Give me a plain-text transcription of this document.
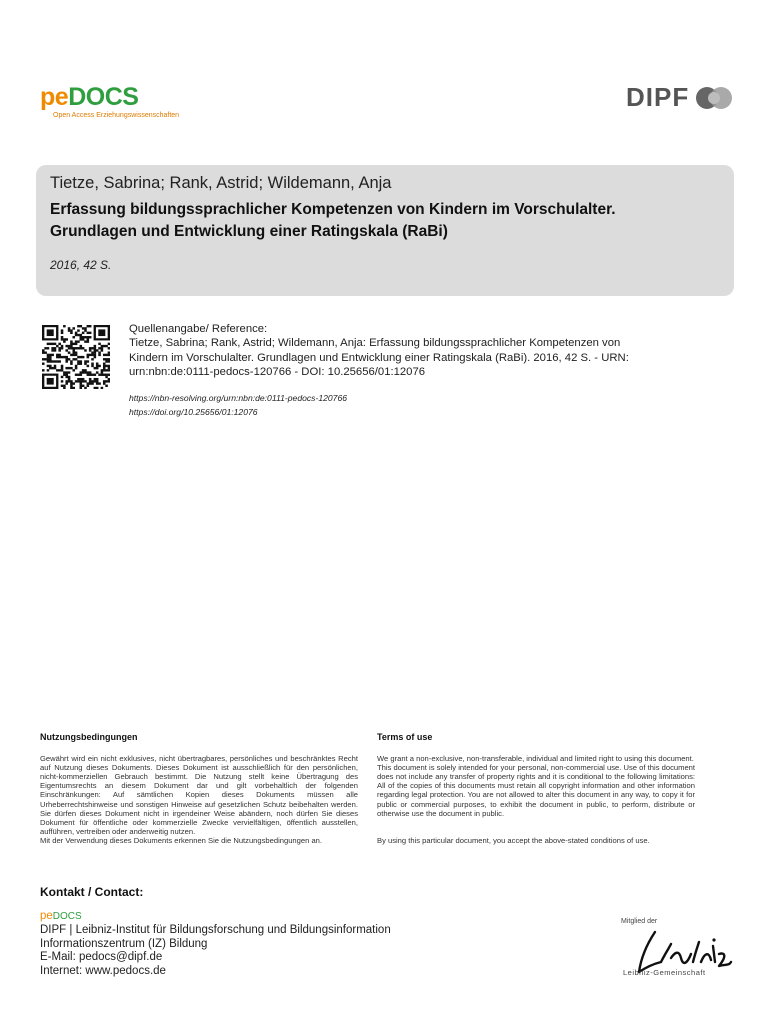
peDOCS
Open Access Erziehungswissenschaften
DIPF
Tietze, Sabrina; Rank, Astrid; Wildemann, Anja
Erfassung bildungssprachlicher Kompetenzen von Kindern im Vorschulalter.
Grundlagen und Entwicklung einer Ratingskala (RaBi)
2016, 42 S.
Quellenangabe/ Reference:
Tietze, Sabrina; Rank, Astrid; Wildemann, Anja: Erfassung bildungssprachlicher Kompetenzen von
Kindern im Vorschulalter. Grundlagen und Entwicklung einer Ratingskala (RaBi). 2016, 42 S. - URN:
urn:nbn:de:0111-pedocs-120766 - DOI: 10.25656/01:12076
https://nbn-resolving.org/urn:nbn:de:0111-pedocs-120766
https://doi.org/10.25656/01:12076
Nutzungsbedingungen

Gewährt wird ein nicht exklusives, nicht übertragbares, persönliches und beschränktes Recht auf Nutzung dieses Dokuments. Dieses Dokument ist ausschließlich für den persönlichen, nicht-kommerziellen Gebrauch bestimmt. Die Nutzung stellt keine Übertragung des Eigentumsrechts an diesem Dokument dar und gilt vorbehaltlich der folgenden Einschränkungen: Auf sämtlichen Kopien dieses Dokuments müssen alle Urheberrechtshinweise und sonstigen Hinweise auf gesetzlichen Schutz beibehalten werden. Sie dürfen dieses Dokument nicht in irgendeiner Weise abändern, noch dürfen Sie dieses Dokument für öffentliche oder kommerzielle Zwecke vervielfältigen, öffentlich ausstellen, aufführen, vertreiben oder anderweitig nutzen.

Mit der Verwendung dieses Dokuments erkennen Sie die Nutzungsbedingungen an.

Terms of use

We grant a non-exclusive, non-transferable, individual and limited right to using this document.

This document is solely intended for your personal, non-commercial use. Use of this document does not include any transfer of property rights and it is conditional to the following limitations: All of the copies of this documents must retain all copyright information and other information regarding legal protection. You are not allowed to alter this document in any way, to copy it for public or commercial purposes, to exhibit the document in public, to perform, distribute or otherwise use the document in public.

By using this particular document, you accept the above-stated conditions of use.

Kontakt / Contact:
peDOCS
DIPF | Leibniz-Institut für Bildungsforschung und Bildungsinformation
Informationszentrum (IZ) Bildung
E-Mail: pedocs@dipf.de
Internet: www.pedocs.de
Mitglied der
Leibniz-Gemeinschaft
